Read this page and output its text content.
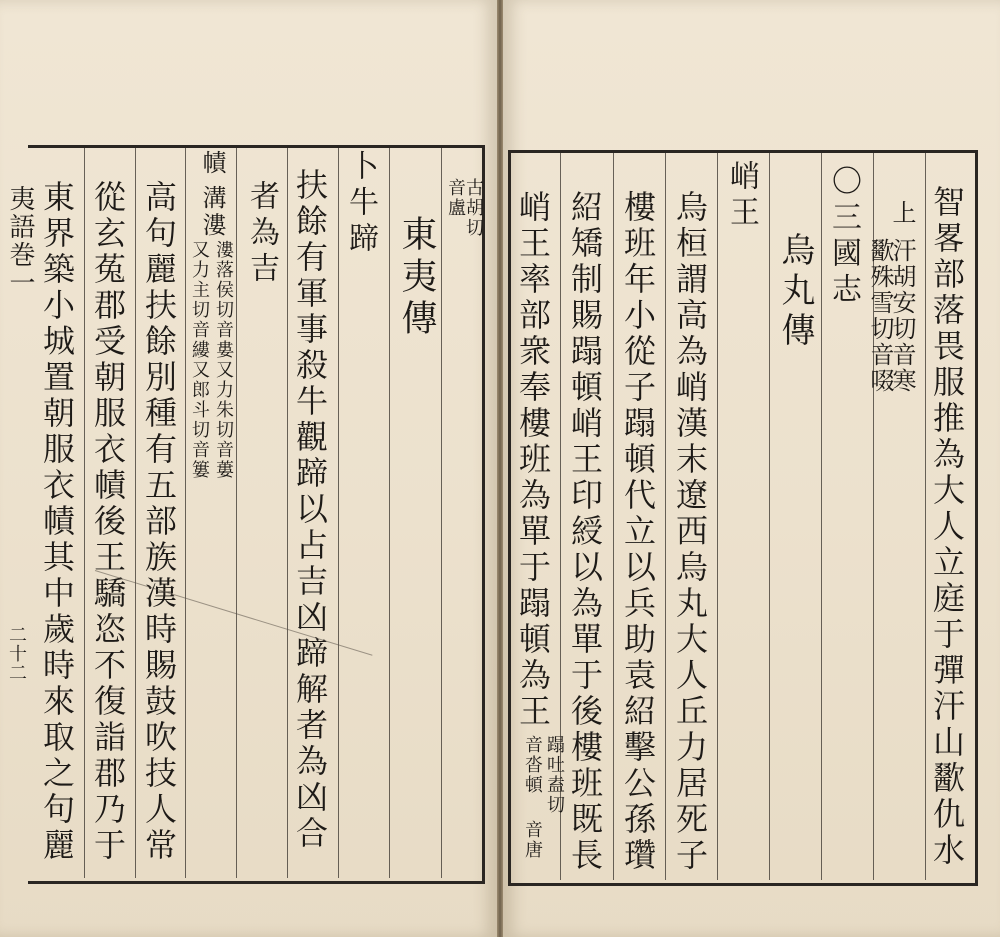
夷語巻一
二十二
古胡切
音盧
東夷傳
卜牛蹄
扶餘有軍事殺牛觀蹄以占吉凶蹄解者為凶合
者為吉
幘
溝漊
漊落侯切音婁又力朱切音蔞
又力主切音縷又郎斗切音簍
高句麗扶餘別種有五部族漢時賜鼓吹技人常
從玄菟郡受朝服衣幘後王驕恣不復詣郡乃于
東界築小城置朝服衣幘其中歲時來取之句麗	智畧部落畏服推為大人立庭于彈汗山歠仇水
上
汗胡安切音寒
歠殊雪切音啜
〇三國志
烏丸傳
峭王
烏桓謂高為峭漢末遼西烏丸大人丘力居死子
樓班年小從子蹋頓代立以兵助袁紹擊公孫瓚
紹矯制賜蹋頓峭王印綬以為單于後樓班既長
峭王率部衆奉樓班為單于蹋頓為王
蹋吐盍切
音沓頓
音唐
